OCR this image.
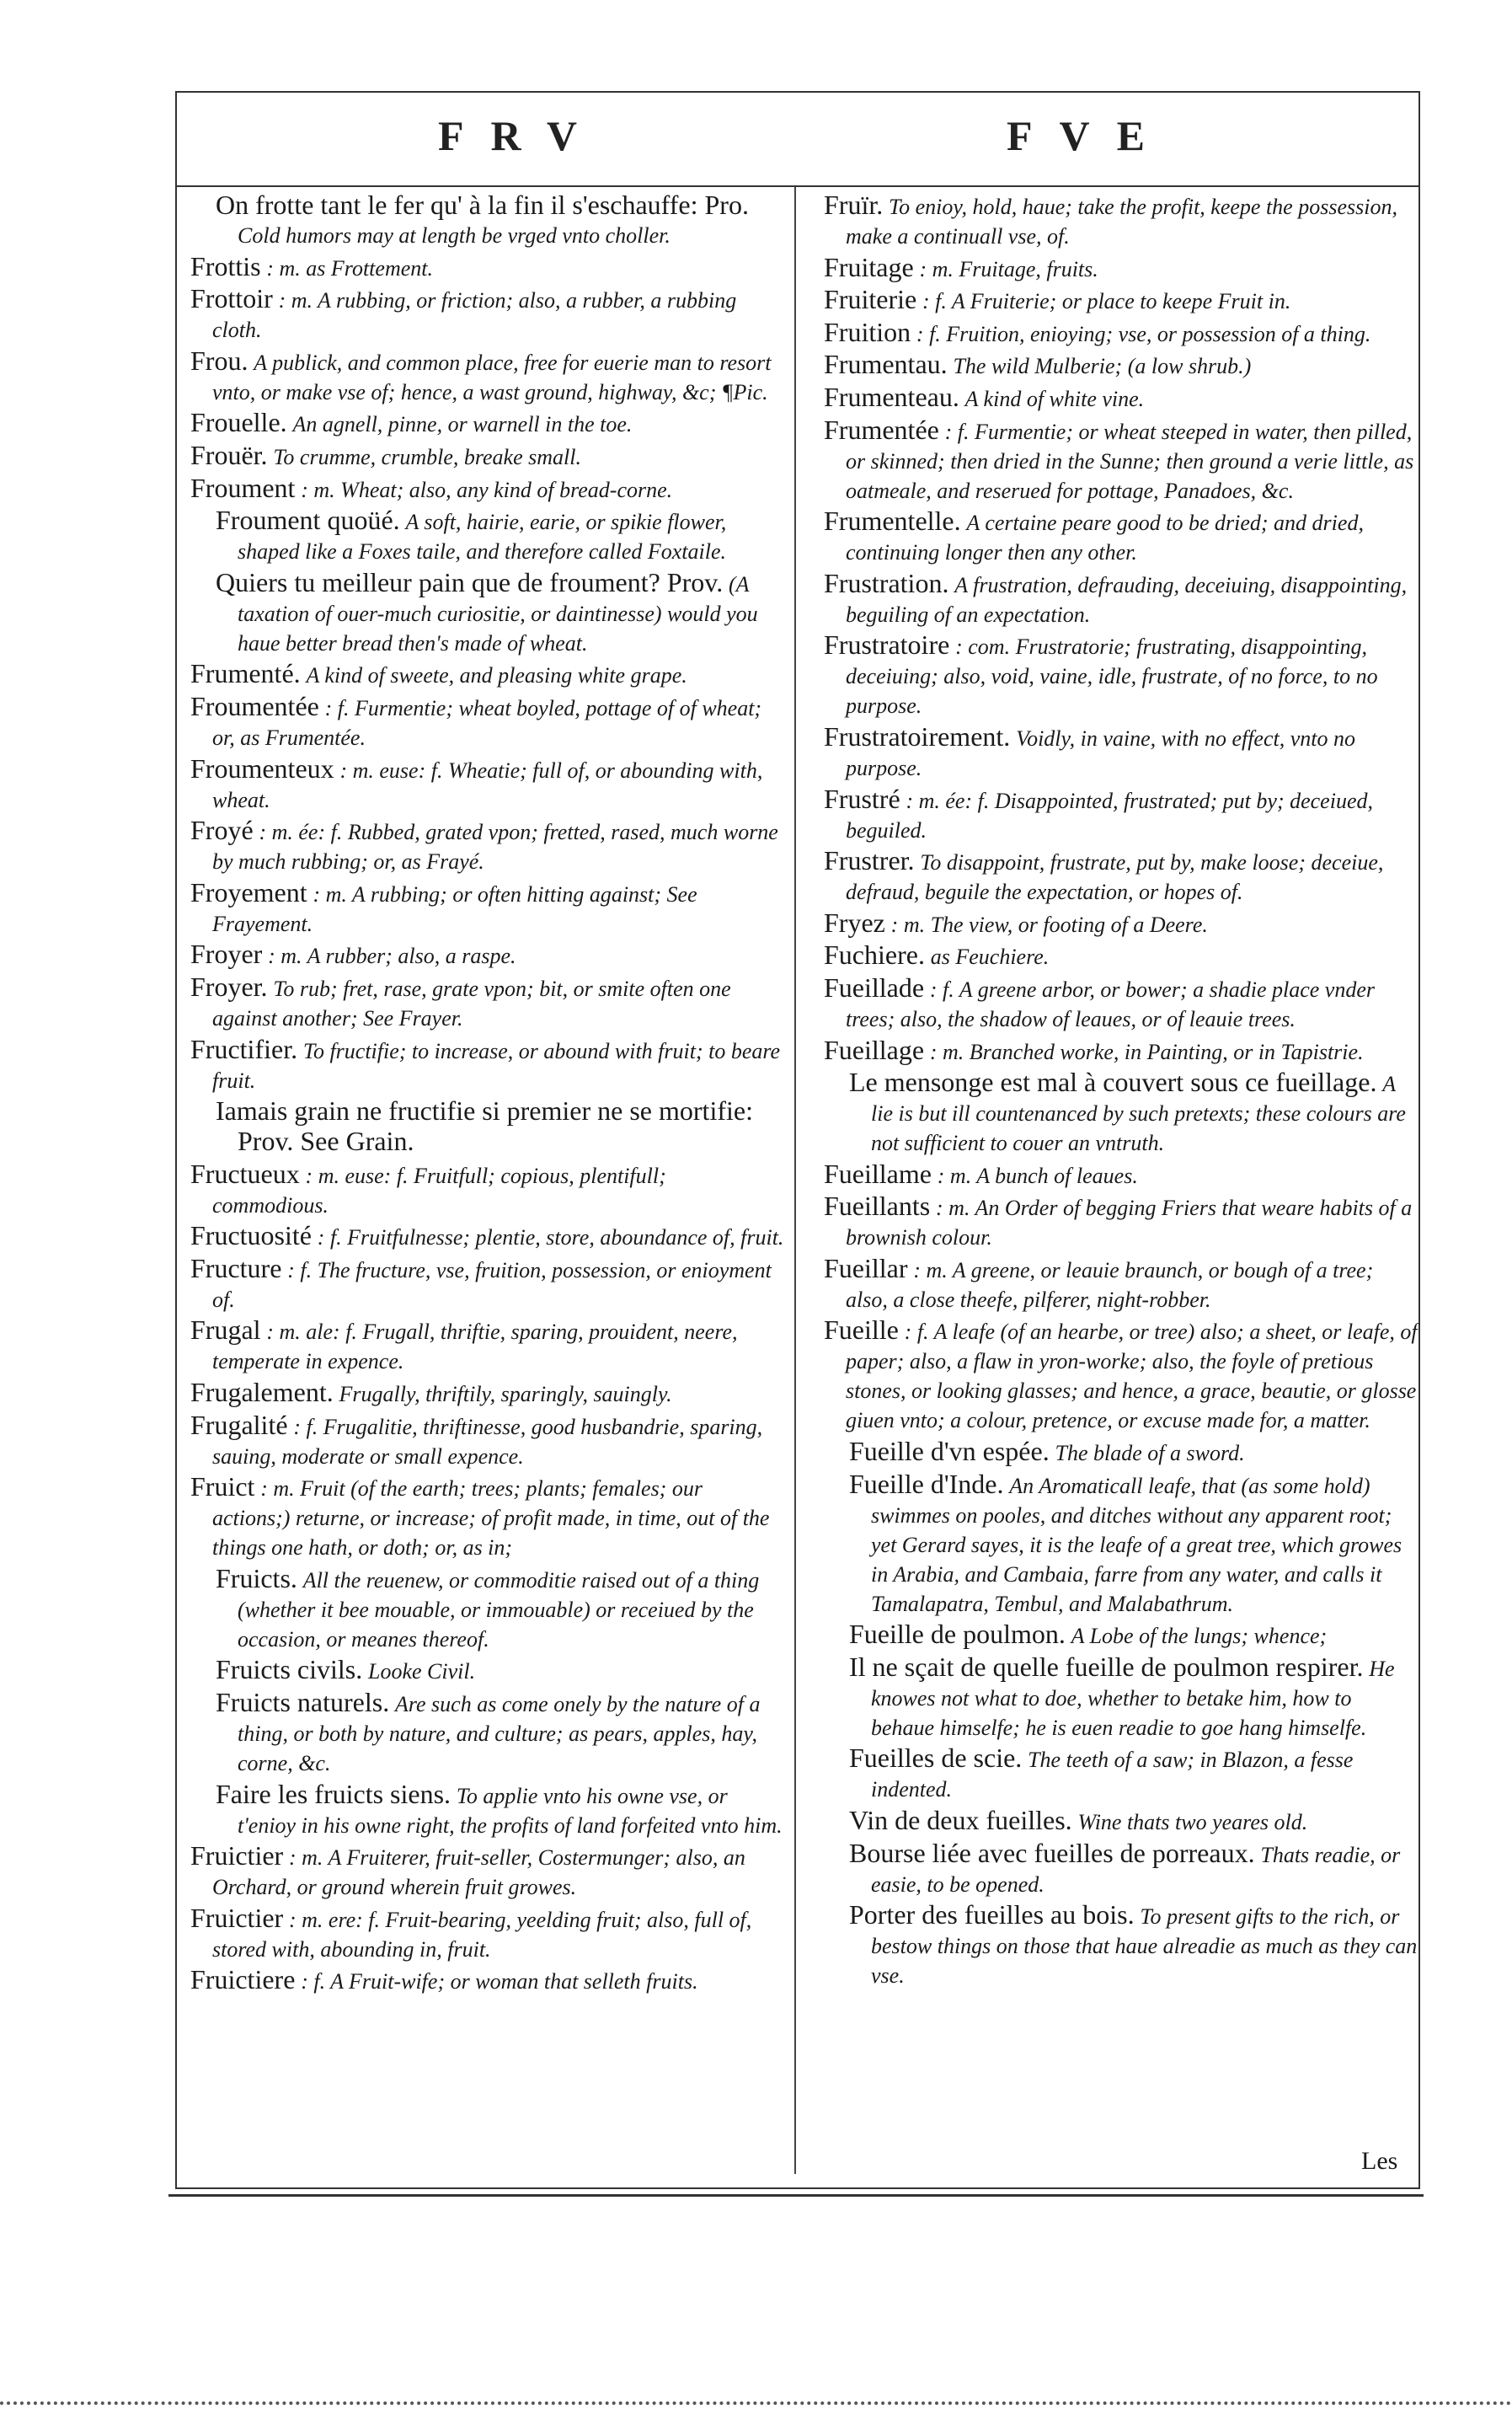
FRV	FVE
On frotte tant le fer qu' à la fin il s'eschauffe: Pro. Cold humors may at length be vrged vnto choller.
Frottis : m. as Frottement.
Frottoir : m. A rubbing, or friction; also, a rubber, a rubbing cloth.
Frou. A publick, and common place, free for euerie man to resort vnto, or make vse of; hence, a wast ground, highway, &c; ¶Pic.
Frouelle. An agnell, pinne, or warnell in the toe.
Frouër. To crumme, crumble, breake small.
Froument : m. Wheat; also, any kind of bread-corne.
Froument quoüé. A soft, hairie, earie, or spikie flower, shaped like a Foxes taile, and therefore called Foxtaile.
Quiers tu meilleur pain que de froument? Prov. (A taxation of ouer-much curiositie, or daintinesse) would you haue better bread then's made of wheat.
Frumenté. A kind of sweete, and pleasing white grape.
Froumentée : f. Furmentie; wheat boyled, pottage of of wheat; or, as Frumentée.
Froumenteux : m. euse: f. Wheatie; full of, or abounding with, wheat.
Froyé : m. ée: f. Rubbed, grated vpon; fretted, rased, much worne by much rubbing; or, as Frayé.
Froyement : m. A rubbing; or often hitting against; See Frayement.
Froyer : m. A rubber; also, a raspe.
Froyer. To rub; fret, rase, grate vpon; bit, or smite often one against another; See Frayer.
Fructifier. To fructifie; to increase, or abound with fruit; to beare fruit.
Iamais grain ne fructifie si premier ne se mortifie: Prov. See Grain.
Fructueux : m. euse: f. Fruitfull; copious, plentifull; commodious.
Fructuosité : f. Fruitfulnesse; plentie, store, aboundance of, fruit.
Fructure : f. The fructure, vse, fruition, possession, or enioyment of.
Frugal : m. ale: f. Frugall, thriftie, sparing, prouident, neere, temperate in expence.
Frugalement. Frugally, thriftily, sparingly, sauingly.
Frugalité : f. Frugalitie, thriftinesse, good husbandrie, sparing, sauing, moderate or small expence.
Fruict : m. Fruit (of the earth; trees; plants; females; our actions;) returne, or increase; of profit made, in time, out of the things one hath, or doth; or, as in;
Fruicts. All the reuenew, or commoditie raised out of a thing (whether it bee mouable, or immouable) or receiued by the occasion, or meanes thereof.
Fruicts civils. Looke Civil.
Fruicts naturels. Are such as come onely by the nature of a thing, or both by nature, and culture; as pears, apples, hay, corne, &c.
Faire les fruicts siens. To applie vnto his owne vse, or t'enioy in his owne right, the profits of land forfeited vnto him.
Fruictier : m. A Fruiterer, fruit-seller, Costermunger; also, an Orchard, or ground wherein fruit growes.
Fruictier : m. ere: f. Fruit-bearing, yeelding fruit; also, full of, stored with, abounding in, fruit.
Fruictiere : f. A Fruit-wife; or woman that selleth fruits.
Fruïr. To enioy, hold, haue; take the profit, keepe the possession, make a continuall vse, of.
Fruitage : m. Fruitage, fruits.
Fruiterie : f. A Fruiterie; or place to keepe Fruit in.
Fruition : f. Fruition, enioying; vse, or possession of a thing.
Frumentau. The wild Mulberie; (a low shrub.)
Frumenteau. A kind of white vine.
Frumentée : f. Furmentie; or wheat steeped in water, then pilled, or skinned; then dried in the Sunne; then ground a verie little, as oatmeale, and reserued for pottage, Panadoes, &c.
Frumentelle. A certaine peare good to be dried; and dried, continuing longer then any other.
Frustration. A frustration, defrauding, deceiuing, disappointing, beguiling of an expectation.
Frustratoire : com. Frustratorie; frustrating, disappointing, deceiuing; also, void, vaine, idle, frustrate, of no force, to no purpose.
Frustratoirement. Voidly, in vaine, with no effect, vnto no purpose.
Frustré : m. ée: f. Disappointed, frustrated; put by; deceiued, beguiled.
Frustrer. To disappoint, frustrate, put by, make loose; deceiue, defraud, beguile the expectation, or hopes of.
Fryez : m. The view, or footing of a Deere.
Fuchiere. as Feuchiere.
Fueillade : f. A greene arbor, or bower; a shadie place vnder trees; also, the shadow of leaues, or of leauie trees.
Fueillage : m. Branched worke, in Painting, or in Tapistrie.
Le mensonge est mal à couvert sous ce fueillage. A lie is but ill countenanced by such pretexts; these colours are not sufficient to couer an vntruth.
Fueillame : m. A bunch of leaues.
Fueillants : m. An Order of begging Friers that weare habits of a brownish colour.
Fueillar : m. A greene, or leauie braunch, or bough of a tree; also, a close theefe, pilferer, night-robber.
Fueille : f. A leafe (of an hearbe, or tree) also; a sheet, or leafe, of paper; also, a flaw in yron-worke; also, the foyle of pretious stones, or looking glasses; and hence, a grace, beautie, or glosse giuen vnto; a colour, pretence, or excuse made for, a matter.
Fueille d'vn espée. The blade of a sword.
Fueille d'Inde. An Aromaticall leafe, that (as some hold) swimmes on pooles, and ditches without any apparent root; yet Gerard sayes, it is the leafe of a great tree, which growes in Arabia, and Cambaia, farre from any water, and calls it Tamalapatra, Tembul, and Malabathrum.
Fueille de poulmon. A Lobe of the lungs; whence;
Il ne sçait de quelle fueille de poulmon respirer. He knowes not what to doe, whether to betake him, how to behaue himselfe; he is euen readie to goe hang himselfe.
Fueilles de scie. The teeth of a saw; in Blazon, a fesse indented.
Vin de deux fueilles. Wine thats two yeares old.
Bourse liée avec fueilles de porreaux. Thats readie, or easie, to be opened.
Porter des fueilles au bois. To present gifts to the rich, or bestow things on those that haue alreadie as much as they can vse.
Les
